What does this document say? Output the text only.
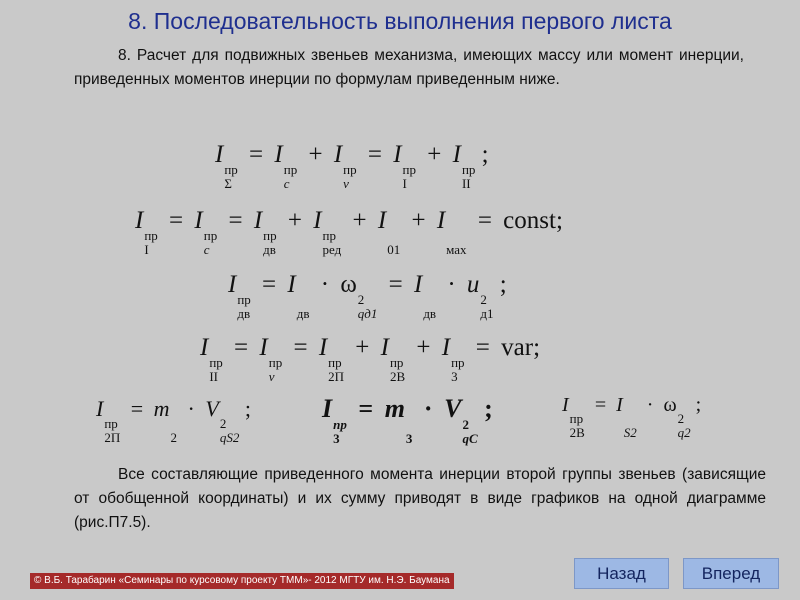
8. Последовательность выполнения первого листа

8. Расчет для подвижных звеньев механизма, имеющих массу или момент инерции, приведенных моментов инерции по формулам приведенным ниже.

I
пр
Σ
= I
пр
c
+ I
пр
v
= I
пр
I
+ I
пр
II
;
I
пр
I
= I
пр
c
= I
пр
дв
+ I
пр
ред
+ I

01
+ I

мах
= const;
I
пр
дв
= I

дв
· ω
2
qд1
= I

дв
· u
2
д1
;
I
пр
II
= I
пр
v
= I
пр
2П
+ I
пр
2В
+ I
пр
3
= var;
I
пр
2П
= m

2
· V
2
qS2
;	I
пр
3
= m

3
· V
2
qC
;	I
пр
2В
= I

S2
· ω
2
q2
;

Все составляющие приведенного момента инерции второй группы звеньев (зависящие от обобщенной координаты) и их сумму приводят в виде графиков на одной диаграмме (рис.П7.5).

© В.Б. Тарабарин «Семинары по курсовому проекту ТММ»- 2012 МГТУ им. Н.Э. Баумана	Назад	Вперед
